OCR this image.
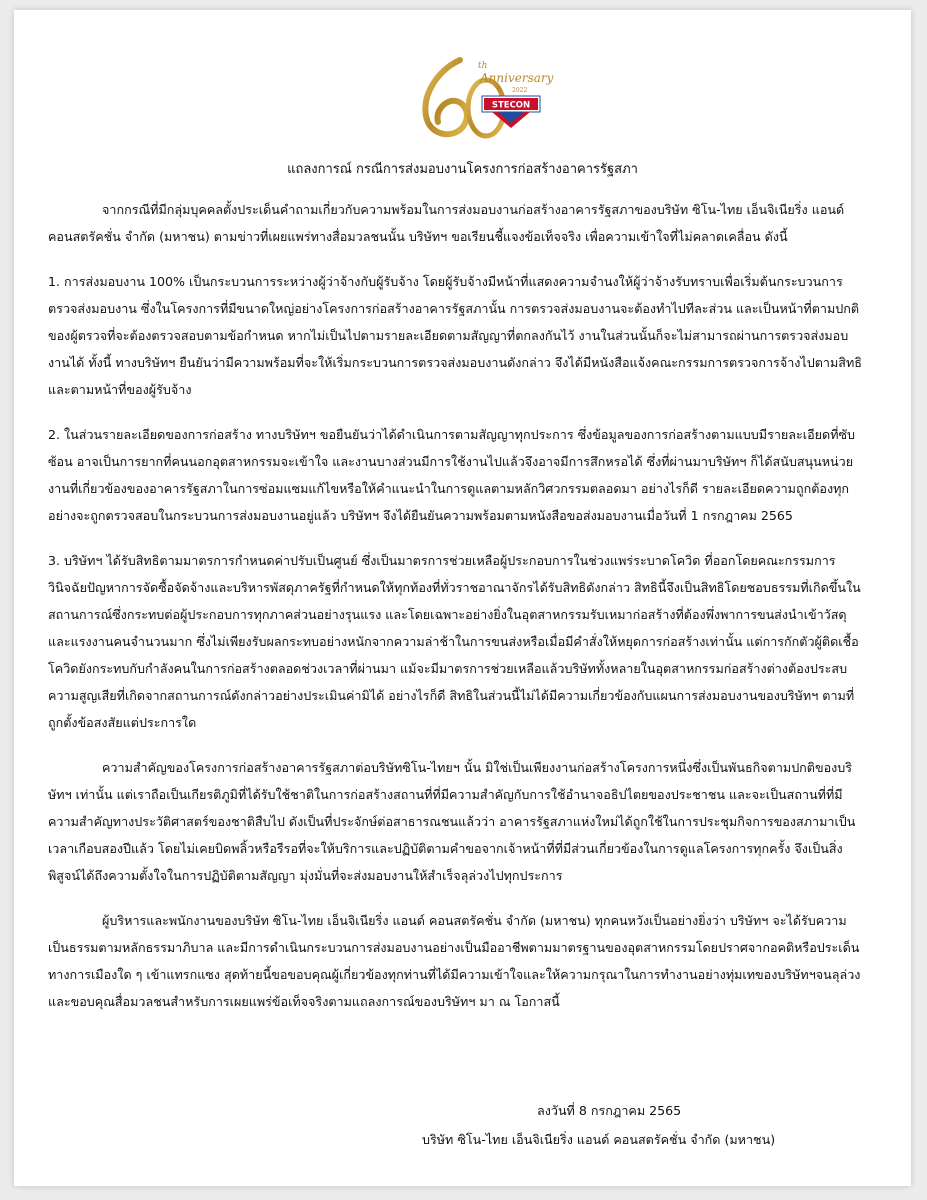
th
Anniversary
2022
STECON
แถลงการณ์ กรณีการส่งมอบงานโครงการก่อสร้างอาคารรัฐสภา

จากกรณีที่มีกลุ่มบุคคลตั้งประเด็นคำถามเกี่ยวกับความพร้อมในการส่งมอบงานก่อสร้างอาคารรัฐสภาของบริษัท ซิโน-ไทย เอ็นจิเนียริ่ง แอนด์ คอนสตรัคชั่น จำกัด (มหาชน) ตามข่าวที่เผยแพร่ทางสื่อมวลชนนั้น บริษัทฯ ขอเรียนชี้แจงข้อเท็จจริง เพื่อความเข้าใจที่ไม่คลาดเคลื่อน ดังนี้

1. การส่งมอบงาน 100% เป็นกระบวนการระหว่างผู้ว่าจ้างกับผู้รับจ้าง โดยผู้รับจ้างมีหน้าที่แสดงความจำนงให้ผู้ว่าจ้างรับทราบเพื่อเริ่มต้นกระบวนการตรวจส่งมอบงาน ซึ่งในโครงการที่มีขนาดใหญ่อย่างโครงการก่อสร้างอาคารรัฐสภานั้น การตรวจส่งมอบงานจะต้องทำไปทีละส่วน และเป็นหน้าที่ตามปกติของผู้ตรวจที่จะต้องตรวจสอบตามข้อกำหนด หากไม่เป็นไปตามรายละเอียดตามสัญญาที่ตกลงกันไว้ งานในส่วนนั้นก็จะไม่สามารถผ่านการตรวจส่งมอบงานได้ ทั้งนี้ ทางบริษัทฯ ยืนยันว่ามีความพร้อมที่จะให้เริ่มกระบวนการตรวจส่งมอบงานดังกล่าว จึงได้มีหนังสือแจ้งคณะกรรมการตรวจการจ้างไปตามสิทธิ และตามหน้าที่ของผู้รับจ้าง

2. ในส่วนรายละเอียดของการก่อสร้าง ทางบริษัทฯ ขอยืนยันว่าได้ดำเนินการตามสัญญาทุกประการ ซึ่งข้อมูลของการก่อสร้างตามแบบมีรายละเอียดที่ซับซ้อน อาจเป็นการยากที่คนนอกอุตสาหกรรมจะเข้าใจ และงานบางส่วนมีการใช้งานไปแล้วจึงอาจมีการสึกหรอได้ ซึ่งที่ผ่านมาบริษัทฯ ก็ได้สนับสนุนหน่วยงานที่เกี่ยวข้องของอาคารรัฐสภาในการซ่อมแซมแก้ไขหรือให้คำแนะนำในการดูแลตามหลักวิศวกรรมตลอดมา อย่างไรก็ดี รายละเอียดความถูกต้องทุกอย่างจะถูกตรวจสอบในกระบวนการส่งมอบงานอยู่แล้ว บริษัทฯ จึงได้ยืนยันความพร้อมตามหนังสือขอส่งมอบงานเมื่อวันที่ 1 กรกฎาคม 2565

3. บริษัทฯ ได้รับสิทธิตามมาตรการกำหนดค่าปรับเป็นศูนย์ ซึ่งเป็นมาตรการช่วยเหลือผู้ประกอบการในช่วงแพร่ระบาดโควิด ที่ออกโดยคณะกรรมการวินิจฉัยปัญหาการจัดซื้อจัดจ้างและบริหารพัสดุภาครัฐที่กำหนดให้ทุกท้องที่ทั่วราชอาณาจักรได้รับสิทธิดังกล่าว สิทธินี้จึงเป็นสิทธิโดยชอบธรรมที่เกิดขึ้นในสถานการณ์ซึ่งกระทบต่อผู้ประกอบการทุกภาคส่วนอย่างรุนแรง และโดยเฉพาะอย่างยิ่งในอุตสาหกรรมรับเหมาก่อสร้างที่ต้องพึ่งพาการขนส่งนำเข้าวัสดุและแรงงานคนจำนวนมาก ซึ่งไม่เพียงรับผลกระทบอย่างหนักจากความล่าช้าในการขนส่งหรือเมื่อมีคำสั่งให้หยุดการก่อสร้างเท่านั้น แต่การกักตัวผู้ติดเชื้อโควิดยังกระทบกับกำลังคนในการก่อสร้างตลอดช่วงเวลาที่ผ่านมา แม้จะมีมาตรการช่วยเหลือแล้วบริษัททั้งหลายในอุตสาหกรรมก่อสร้างต่างต้องประสบความสูญเสียที่เกิดจากสถานการณ์ดังกล่าวอย่างประเมินค่ามิได้ อย่างไรก็ดี สิทธิในส่วนนี้ไม่ได้มีความเกี่ยวข้องกับแผนการส่งมอบงานของบริษัทฯ ตามที่ถูกตั้งข้อสงสัยแต่ประการใด

ความสำคัญของโครงการก่อสร้างอาคารรัฐสภาต่อบริษัทซิโน-ไทยฯ นั้น มิใช่เป็นเพียงงานก่อสร้างโครงการหนึ่งซึ่งเป็นพันธกิจตามปกติของบริษัทฯ เท่านั้น แต่เราถือเป็นเกียรติภูมิที่ได้รับใช้ชาติในการก่อสร้างสถานที่ที่มีความสำคัญกับการใช้อำนาจอธิปไตยของประชาชน และจะเป็นสถานที่ที่มีความสำคัญทางประวัติศาสตร์ของชาติสืบไป ดังเป็นที่ประจักษ์ต่อสาธารณชนแล้วว่า อาคารรัฐสภาแห่งใหม่ได้ถูกใช้ในการประชุมกิจการของสภามาเป็นเวลาเกือบสองปีแล้ว โดยไม่เคยบิดพลิ้วหรือรีรอที่จะให้บริการและปฏิบัติตามคำขอจากเจ้าหน้าที่ที่มีส่วนเกี่ยวข้องในการดูแลโครงการทุกครั้ง จึงเป็นสิ่งพิสูจน์ได้ถึงความตั้งใจในการปฏิบัติตามสัญญา มุ่งมั่นที่จะส่งมอบงานให้สำเร็จลุล่วงไปทุกประการ

ผู้บริหารและพนักงานของบริษัท ซิโน-ไทย เอ็นจิเนียริ่ง แอนด์ คอนสตรัคชั่น จำกัด (มหาชน) ทุกคนหวังเป็นอย่างยิ่งว่า บริษัทฯ จะได้รับความเป็นธรรมตามหลักธรรมาภิบาล และมีการดำเนินกระบวนการส่งมอบงานอย่างเป็นมืออาชีพตามมาตรฐานของอุตสาหกรรมโดยปราศจากอคติหรือประเด็นทางการเมืองใด ๆ เข้าแทรกแซง สุดท้ายนี้ขอขอบคุณผู้เกี่ยวข้องทุกท่านที่ได้มีความเข้าใจและให้ความกรุณาในการทำงานอย่างทุ่มเทของบริษัทฯจนลุล่วง และขอบคุณสื่อมวลชนสำหรับการเผยแพร่ข้อเท็จจริงตามแถลงการณ์ของบริษัทฯ มา ณ โอกาสนี้

ลงวันที่ 8 กรกฎาคม 2565
บริษัท ซิโน-ไทย เอ็นจิเนียริ่ง แอนด์ คอนสตรัคชั่น จำกัด (มหาชน)
